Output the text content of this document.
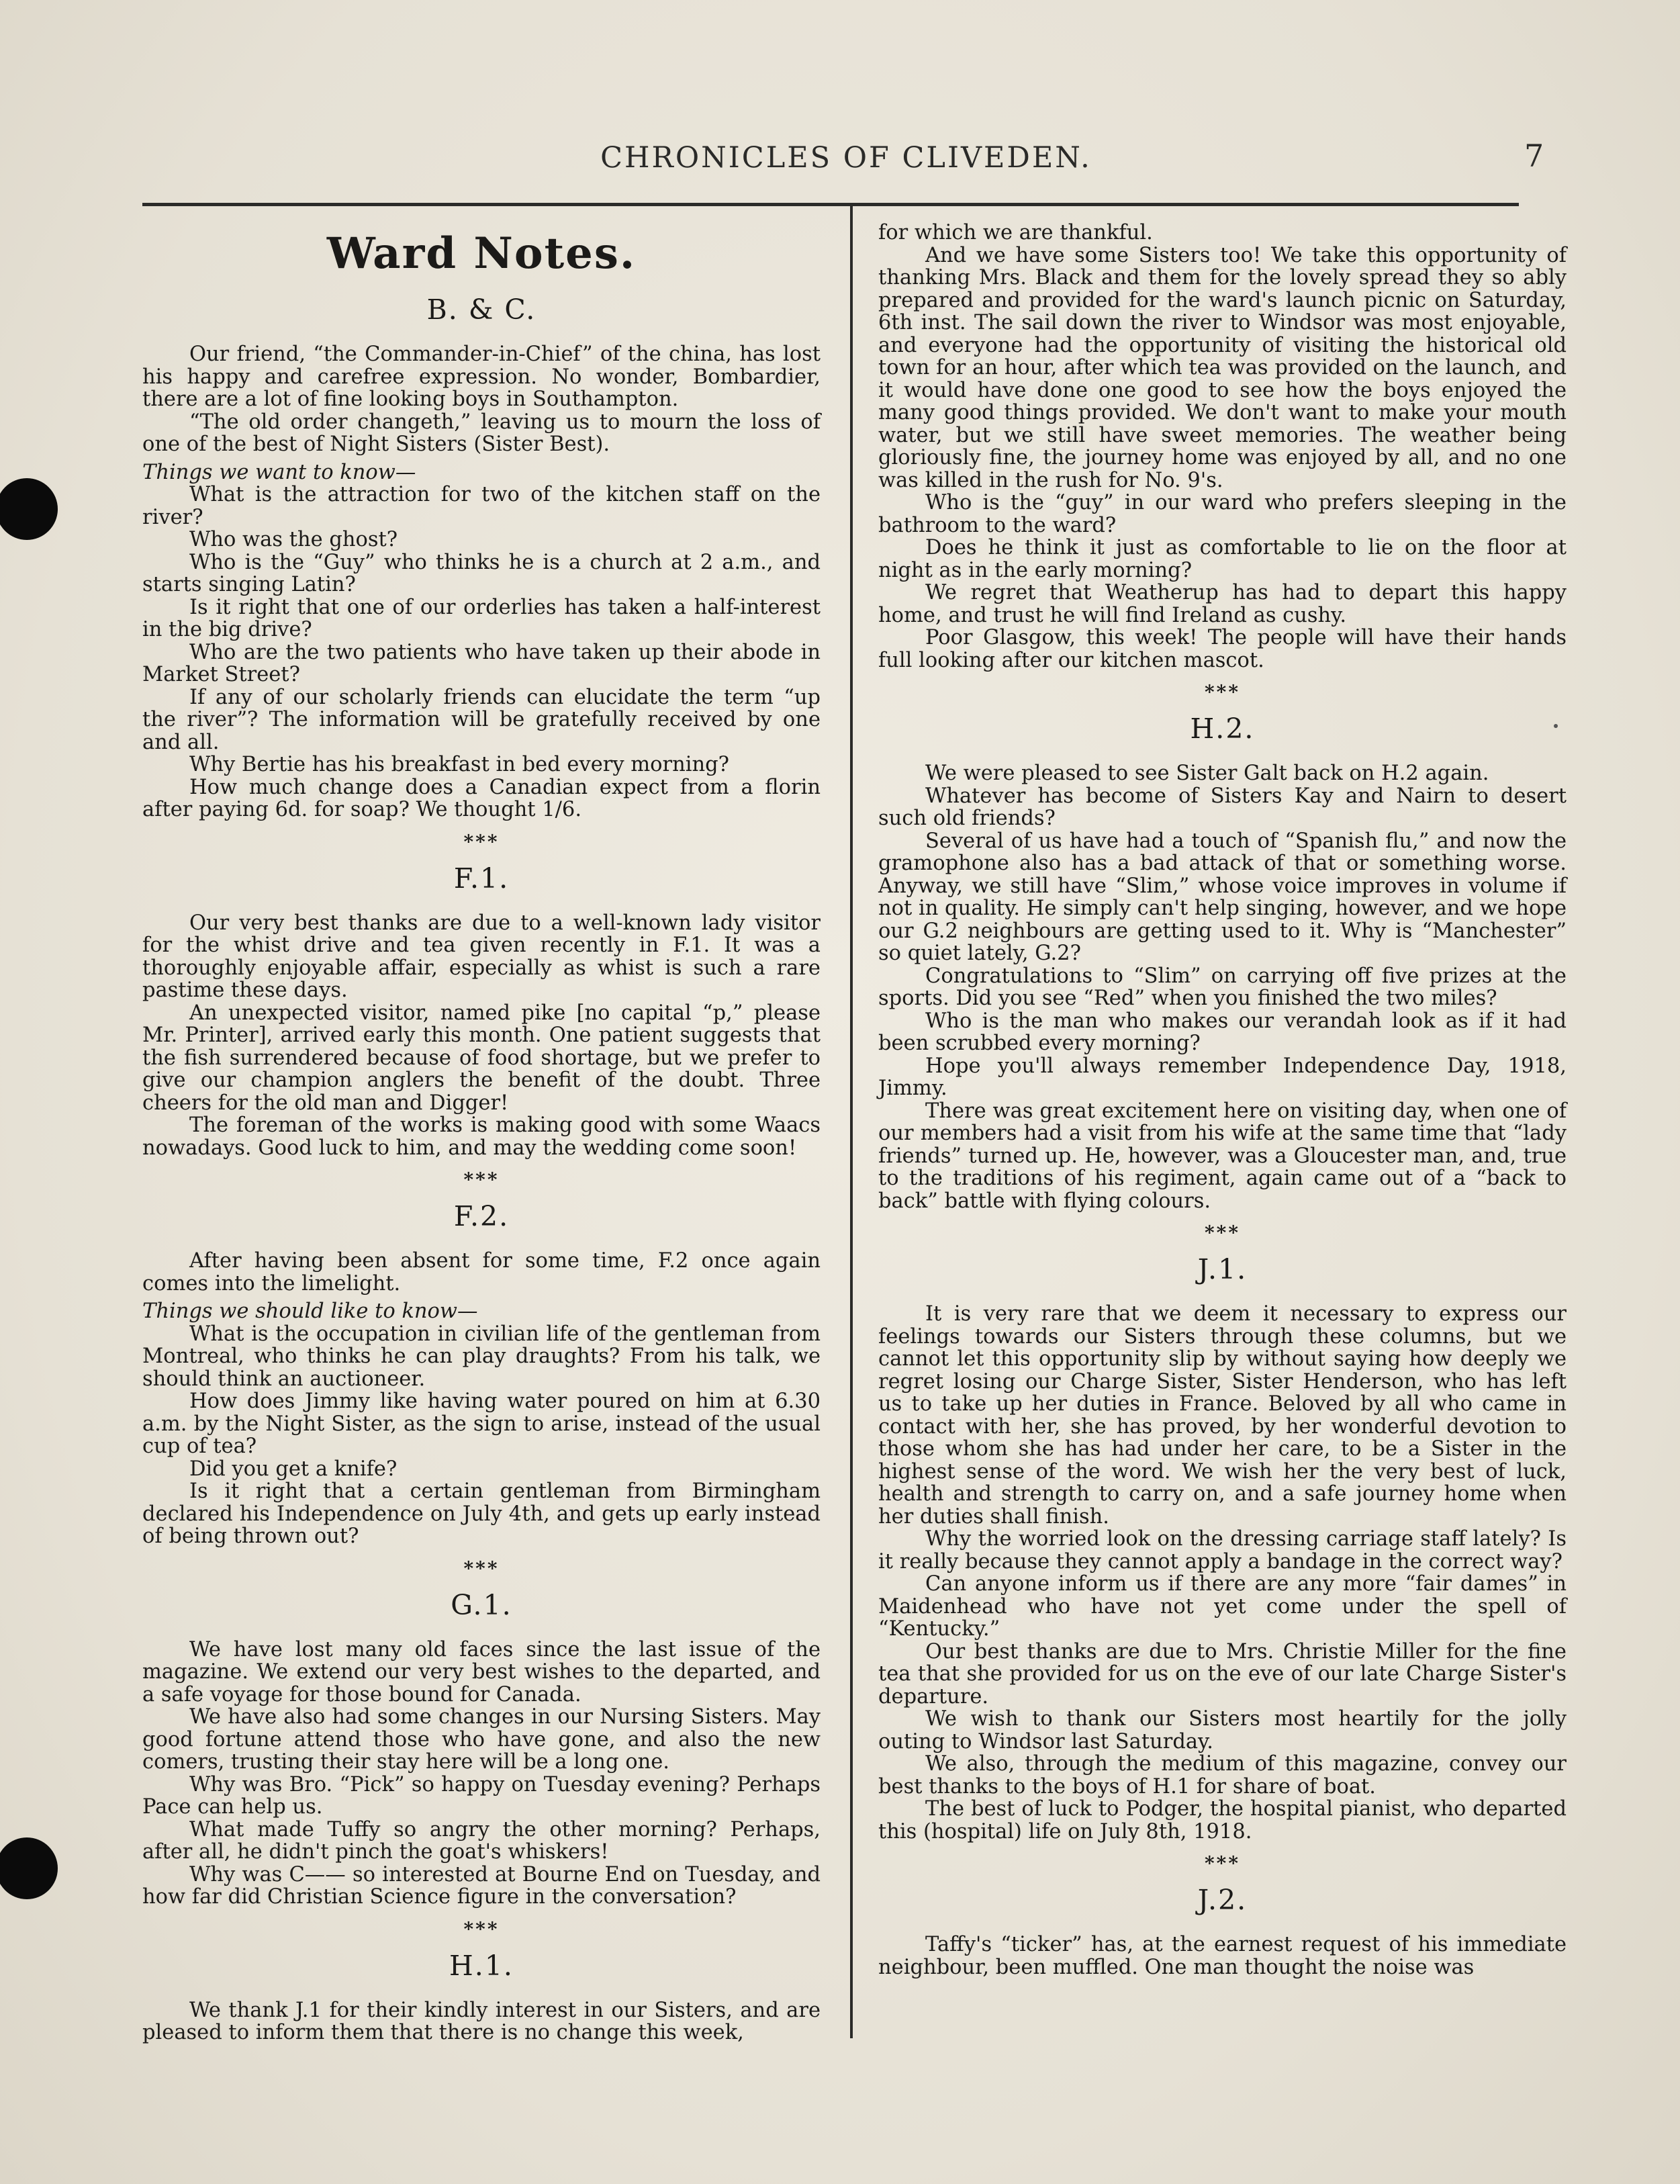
CHRONICLES OF CLIVEDEN.	7
Ward Notes.
B. & C.

Our friend, “the Commander-in-Chief” of the china, has lost his happy and carefree expression. No wonder, Bombardier, there are a lot of fine looking boys in Southampton.

“The old order changeth,” leaving us to mourn the loss of one of the best of Night Sisters (Sister Best).

Things we want to know—

What is the attraction for two of the kitchen staff on the river?

Who was the ghost?

Who is the “Guy” who thinks he is a church at 2 a.m., and starts singing Latin?

Is it right that one of our orderlies has taken a half-interest in the big drive?

Who are the two patients who have taken up their abode in Market Street?

If any of our scholarly friends can elucidate the term “up the river”? The information will be gratefully received by one and all.

Why Bertie has his breakfast in bed every morning?

How much change does a Canadian expect from a florin after paying 6d. for soap? We thought 1/6.

***
F.1.

Our very best thanks are due to a well-known lady visitor for the whist drive and tea given recently in F.1. It was a thoroughly enjoyable affair, especially as whist is such a rare pastime these days.

An unexpected visitor, named pike [no capital “p,” please Mr. Printer], arrived early this month. One patient suggests that the fish surrendered because of food shortage, but we prefer to give our champion anglers the benefit of the doubt. Three cheers for the old man and Digger!

The foreman of the works is making good with some Waacs nowadays. Good luck to him, and may the wedding come soon!

***
F.2.

After having been absent for some time, F.2 once again comes into the limelight.

Things we should like to know—

What is the occupation in civilian life of the gentleman from Montreal, who thinks he can play draughts? From his talk, we should think an auctioneer.

How does Jimmy like having water poured on him at 6.30 a.m. by the Night Sister, as the sign to arise, instead of the usual cup of tea?

Did you get a knife?

Is it right that a certain gentleman from Birmingham declared his Independence on July 4th, and gets up early instead of being thrown out?

***
G.1.

We have lost many old faces since the last issue of the magazine. We extend our very best wishes to the departed, and a safe voyage for those bound for Canada.

We have also had some changes in our Nursing Sisters. May good fortune attend those who have gone, and also the new comers, trusting their stay here will be a long one.

Why was Bro. “Pick” so happy on Tuesday evening? Perhaps Pace can help us.

What made Tuffy so angry the other morning? Perhaps, after all, he didn't pinch the goat's whiskers!

Why was C—— so interested at Bourne End on Tuesday, and how far did Christian Science figure in the conversation?

***
H.1.

We thank J.1 for their kindly interest in our Sisters, and are pleased to inform them that there is no change this week,

for which we are thankful.

And we have some Sisters too! We take this opportunity of thanking Mrs. Black and them for the lovely spread they so ably prepared and provided for the ward's launch picnic on Saturday, 6th inst. The sail down the river to Windsor was most enjoyable, and everyone had the opportunity of visiting the historical old town for an hour, after which tea was provided on the launch, and it would have done one good to see how the boys enjoyed the many good things provided. We don't want to make your mouth water, but we still have sweet memories. The weather being gloriously fine, the journey home was enjoyed by all, and no one was killed in the rush for No. 9's.

Who is the “guy” in our ward who prefers sleeping in the bathroom to the ward?

Does he think it just as comfortable to lie on the floor at night as in the early morning?

We regret that Weatherup has had to depart this happy home, and trust he will find Ireland as cushy.

Poor Glasgow, this week! The people will have their hands full looking after our kitchen mascot.

***
H.2.

We were pleased to see Sister Galt back on H.2 again.

Whatever has become of Sisters Kay and Nairn to desert such old friends?

Several of us have had a touch of “Spanish flu,” and now the gramophone also has a bad attack of that or something worse. Anyway, we still have “Slim,” whose voice improves in volume if not in quality. He simply can't help singing, however, and we hope our G.2 neighbours are getting used to it. Why is “Manchester” so quiet lately, G.2?

Congratulations to “Slim” on carrying off five prizes at the sports. Did you see “Red” when you finished the two miles?

Who is the man who makes our verandah look as if it had been scrubbed every morning?

Hope you'll always remember Independence Day, 1918, Jimmy.

There was great excitement here on visiting day, when one of our members had a visit from his wife at the same time that “lady friends” turned up. He, however, was a Gloucester man, and, true to the traditions of his regiment, again came out of a “back to back” battle with flying colours.

***
J.1.

It is very rare that we deem it necessary to express our feelings towards our Sisters through these columns, but we cannot let this opportunity slip by without saying how deeply we regret losing our Charge Sister, Sister Henderson, who has left us to take up her duties in France. Beloved by all who came in contact with her, she has proved, by her wonderful devotion to those whom she has had under her care, to be a Sister in the highest sense of the word. We wish her the very best of luck, health and strength to carry on, and a safe journey home when her duties shall finish.

Why the worried look on the dressing carriage staff lately? Is it really because they cannot apply a bandage in the correct way?

Can anyone inform us if there are any more “fair dames” in Maidenhead who have not yet come under the spell of “Kentucky.”

Our best thanks are due to Mrs. Christie Miller for the fine tea that she provided for us on the eve of our late Charge Sister's departure.

We wish to thank our Sisters most heartily for the jolly outing to Windsor last Saturday.

We also, through the medium of this magazine, convey our best thanks to the boys of H.1 for share of boat.

The best of luck to Podger, the hospital pianist, who departed this (hospital) life on July 8th, 1918.

***
J.2.

Taffy's “ticker” has, at the earnest request of his immediate neighbour, been muffled. One man thought the noise was
